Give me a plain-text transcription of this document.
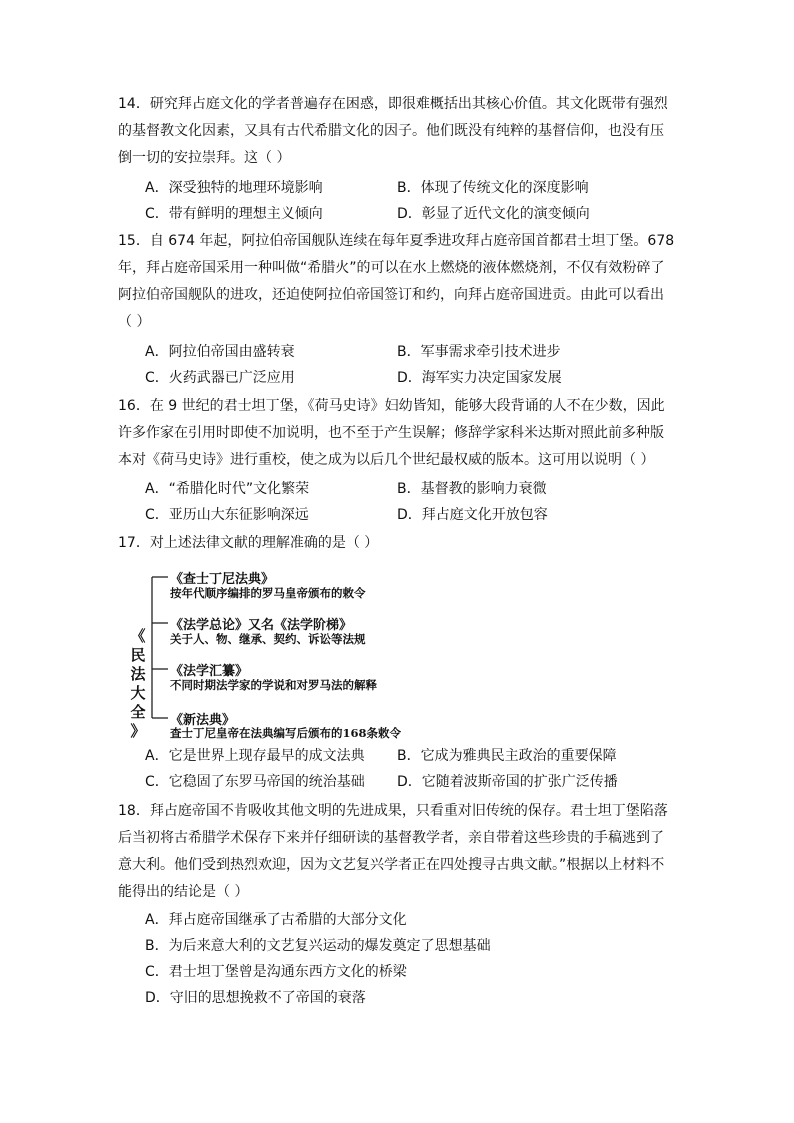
14．研究拜占庭文化的学者普遍存在困惑，即很难概括出其核心价值。其文化既带有强烈
的基督教文化因素，又具有古代希腊文化的因子。他们既没有纯粹的基督信仰，也没有压
倒一切的安拉崇拜。这（ ）
A．深受独特的地理环境影响	B．体现了传统文化的深度影响
C．带有鲜明的理想主义倾向	D．彰显了近代文化的演变倾向
15．自 674 年起，阿拉伯帝国舰队连续在每年夏季进攻拜占庭帝国首都君士坦丁堡。678
年，拜占庭帝国采用一种叫做“希腊火”的可以在水上燃烧的液体燃烧剂，不仅有效粉碎了
阿拉伯帝国舰队的进攻，还迫使阿拉伯帝国签订和约，向拜占庭帝国进贡。由此可以看出
（ ）
A．阿拉伯帝国由盛转衰	B．军事需求牵引技术进步
C．火药武器已广泛应用	D．海军实力决定国家发展
16．在 9 世纪的君士坦丁堡，《荷马史诗》妇幼皆知，能够大段背诵的人不在少数，因此
许多作家在引用时即使不加说明，也不至于产生误解；修辞学家科米达斯对照此前多种版
本对《荷马史诗》进行重校，使之成为以后几个世纪最权威的版本。这可用以说明（ ）
A．“希腊化时代”文化繁荣	B．基督教的影响力衰微
C．亚历山大东征影响深远	D．拜占庭文化开放包容
17．对上述法律文献的理解准确的是（ ）
《
民
法
大
全
》
《查士丁尼法典》
按年代顺序编排的罗马皇帝颁布的敕令
《法学总论》又名《法学阶梯》
关于人、物、继承、契约、诉讼等法规
《法学汇纂》
不同时期法学家的学说和对罗马法的解释
《新法典》
查士丁尼皇帝在法典编写后颁布的168条敕令
A．它是世界上现存最早的成文法典 B．它成为雅典民主政治的重要保障
C．它稳固了东罗马帝国的统治基础 D．它随着波斯帝国的扩张广泛传播
18．拜占庭帝国不肯吸收其他文明的先进成果，只看重对旧传统的保存。君士坦丁堡陷落
后当初将古希腊学术保存下来并仔细研读的基督教学者，亲自带着这些珍贵的手稿逃到了
意大利。他们受到热烈欢迎，因为文艺复兴学者正在四处搜寻古典文献。”根据以上材料不
能得出的结论是（ ）
A．拜占庭帝国继承了古希腊的大部分文化
B．为后来意大利的文艺复兴运动的爆发奠定了思想基础
C．君士坦丁堡曾是沟通东西方文化的桥梁
D．守旧的思想挽救不了帝国的衰落
